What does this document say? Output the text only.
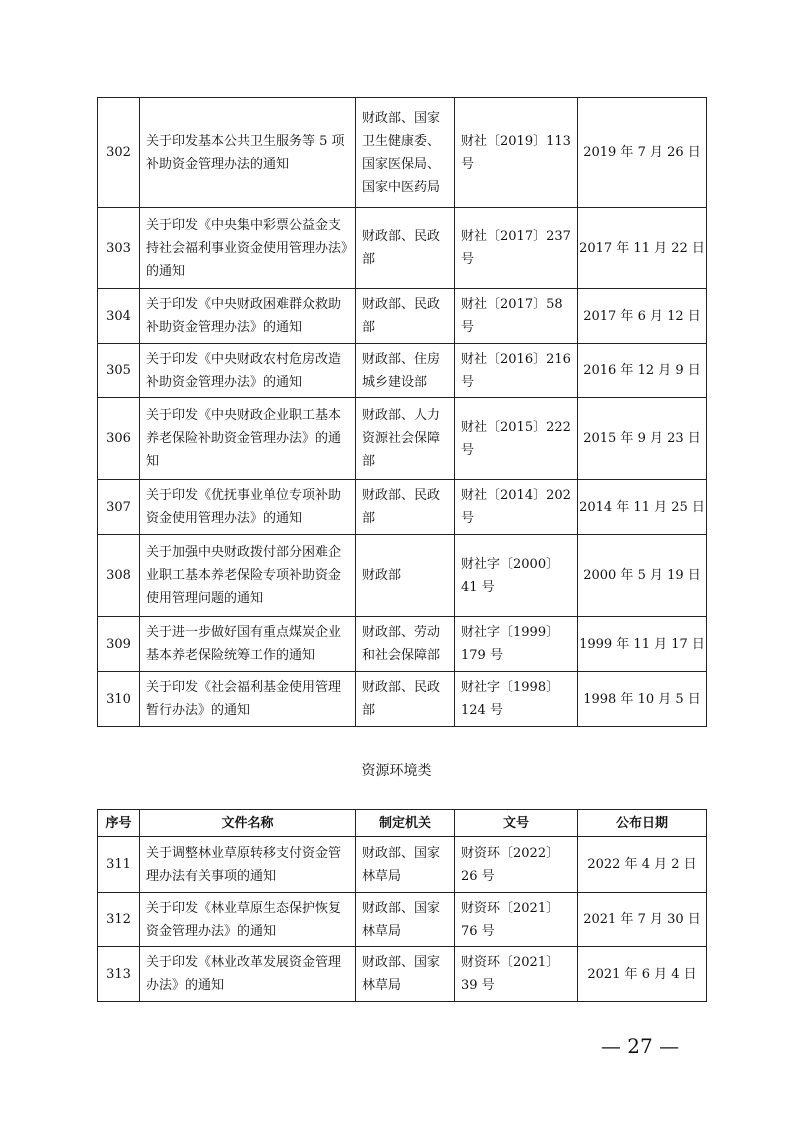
302	关于印发基本公共卫生服务等 5 项补助资金管理办法的通知	财政部、国家卫生健康委、国家医保局、国家中医药局	财社〔2019〕113 号	2019 年 7 月 26 日
303	关于印发《中央集中彩票公益金支持社会福利事业资金使用管理办法》的通知	财政部、民政部	财社〔2017〕237 号	2017 年 11 月 22 日
304	关于印发《中央财政困难群众救助补助资金管理办法》的通知	财政部、民政部	财社〔2017〕58 号	2017 年 6 月 12 日
305	关于印发《中央财政农村危房改造补助资金管理办法》的通知	财政部、住房城乡建设部	财社〔2016〕216 号	2016 年 12 月 9 日
306	关于印发《中央财政企业职工基本养老保险补助资金管理办法》的通知	财政部、人力资源社会保障部	财社〔2015〕222 号	2015 年 9 月 23 日
307	关于印发《优抚事业单位专项补助资金使用管理办法》的通知	财政部、民政部	财社〔2014〕202 号	2014 年 11 月 25 日
308	关于加强中央财政拨付部分困难企业职工基本养老保险专项补助资金使用管理问题的通知	财政部	财社字〔2000〕41 号	2000 年 5 月 19 日
309	关于进一步做好国有重点煤炭企业基本养老保险统筹工作的通知	财政部、劳动和社会保障部	财社字〔1999〕179 号	1999 年 11 月 17 日
310	关于印发《社会福利基金使用管理暂行办法》的通知	财政部、民政部	财社字〔1998〕124 号	1998 年 10 月 5 日
资源环境类
序号	文件名称	制定机关	文号	公布日期
311	关于调整林业草原转移支付资金管理办法有关事项的通知	财政部、国家林草局	财资环〔2022〕26 号	2022 年 4 月 2 日
312	关于印发《林业草原生态保护恢复资金管理办法》的通知	财政部、国家林草局	财资环〔2021〕76 号	2021 年 7 月 30 日
313	关于印发《林业改革发展资金管理办法》的通知	财政部、国家林草局	财资环〔2021〕39 号	2021 年 6 月 4 日
— 27 —
